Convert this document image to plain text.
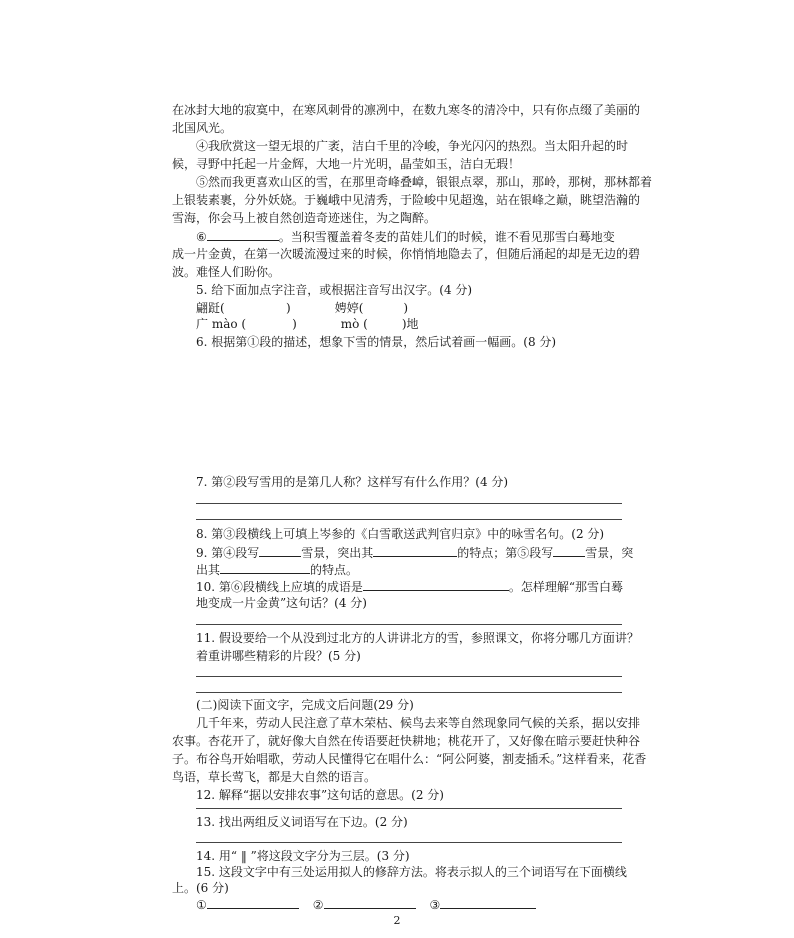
在冰封大地的寂寞中，在寒风刺骨的凛冽中，在数九寒冬的清冷中，只有你点缀了美丽的
北国风光。
④我欣赏这一望无垠的广袤，洁白千里的冷峻，争光闪闪的热烈。当太阳升起的时
候，寻野中托起一片金辉，大地一片光明，晶莹如玉，洁白无瑕！
⑤然而我更喜欢山区的雪，在那里奇峰叠嶂，银银点翠，那山，那岭，那树，那林都着
上银装素裹，分外妖娆。于巍峨中见清秀，于险峻中见超逸，站在银峰之巅，眺望浩瀚的
雪海，你会马上被自然创造奇迹迷住，为之陶醉。
⑥	。当积雪覆盖着冬麦的苗娃儿们的时候，谁不看见那雪白蓦地变
成一片金黄，在第一次暖流漫过来的时候，你悄悄地隐去了，但随后涌起的却是无边的碧
波。难怪人们盼你。
5. 给下面加点字注音，或根据注音写出汉字。(4 分)
翩跹(	)	娉婷(	)
广 mào (	)	mò (	)地
6. 根据第①段的描述，想象下雪的情景，然后试着画一幅画。(8 分)
7. 第②段写雪用的是第几人称？这样写有什么作用？(4 分)
8. 第③段横线上可填上岑参的《白雪歌送武判官归京》中的咏雪名句。(2 分)
9. 第④段写	雪景，突出其	的特点；第⑤段写	雪景，突
出其	的特点。
10. 第⑥段横线上应填的成语是	。怎样理解“那雪白蓦
地变成一片金黄”这句话？(4 分)
11. 假设要给一个从没到过北方的人讲讲北方的雪，参照课文，你将分哪几方面讲？
着重讲哪些精彩的片段？(5 分)
(二)阅读下面文字，完成文后问题(29 分)
几千年来，劳动人民注意了草木荣枯、候鸟去来等自然现象同气候的关系，据以安排
农事。杏花开了，就好像大自然在传语要赶快耕地；桃花开了，又好像在暗示要赶快种谷
子。布谷鸟开始唱歌，劳动人民懂得它在唱什么：“阿公阿婆，割麦插禾。”这样看来，花香
鸟语，草长莺飞，都是大自然的语言。
12. 解释“据以安排农事”这句话的意思。(2 分)
13. 找出两组反义词语写在下边。(2 分)
14. 用“ ‖ ”将这段文字分为三层。(3 分)
15. 这段文字中有三处运用拟人的修辞方法。将表示拟人的三个词语写在下面横线
上。(6 分)
①	②	③
2
